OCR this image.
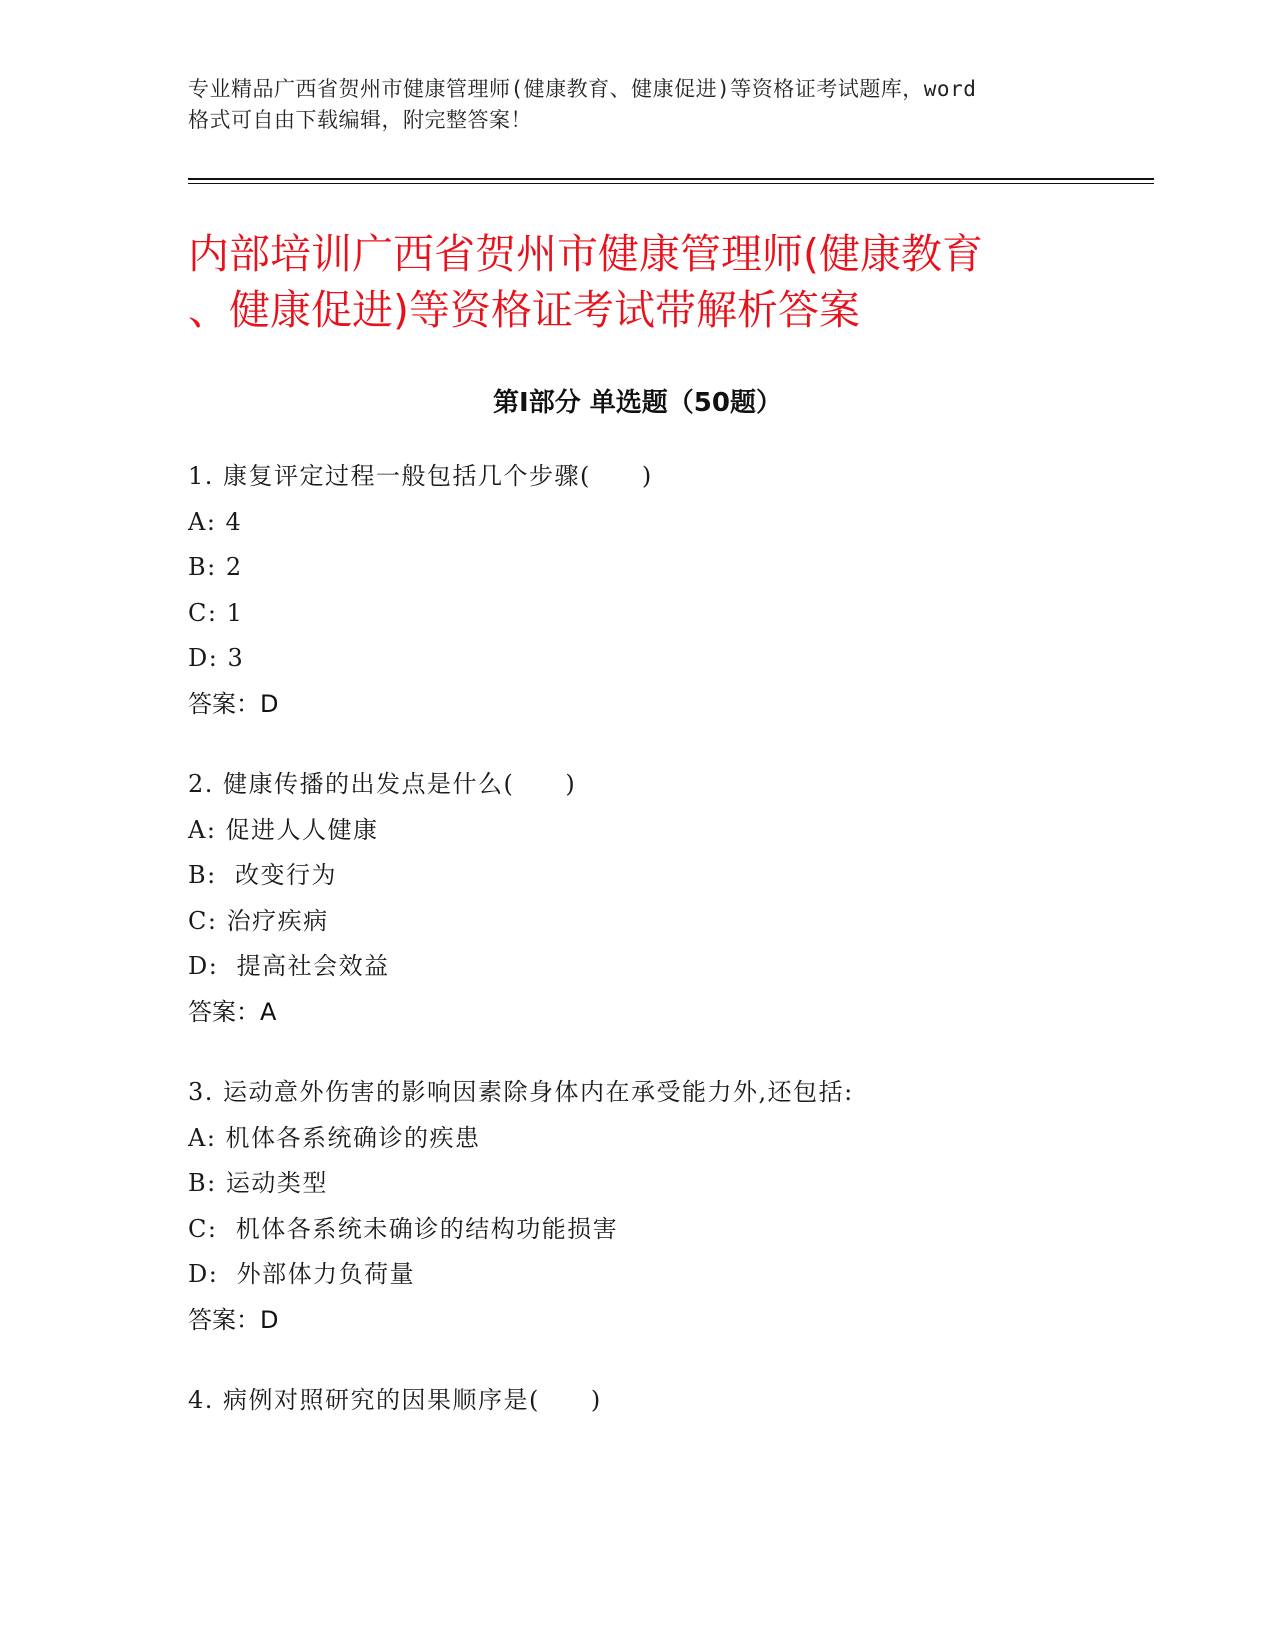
专业精品广西省贺州市健康管理师(健康教育、健康促进)等资格证考试题库，word
格式可自由下载编辑，附完整答案！
内部培训广西省贺州市健康管理师(健康教育
、健康促进)等资格证考试带解析答案
第Ⅰ部分 单选题（50题）
1. 康复评定过程一般包括几个步骤(　　)
A: 4
B: 2
C: 1
D: 3
答案：D
2. 健康传播的出发点是什么(　　)
A: 促进人人健康
B:  改变行为
C: 治疗疾病
D:  提高社会效益
答案：A
3. 运动意外伤害的影响因素除身体内在承受能力外,还包括:
A: 机体各系统确诊的疾患
B: 运动类型
C:  机体各系统未确诊的结构功能损害
D:  外部体力负荷量
答案：D
4. 病例对照研究的因果顺序是(　　)
